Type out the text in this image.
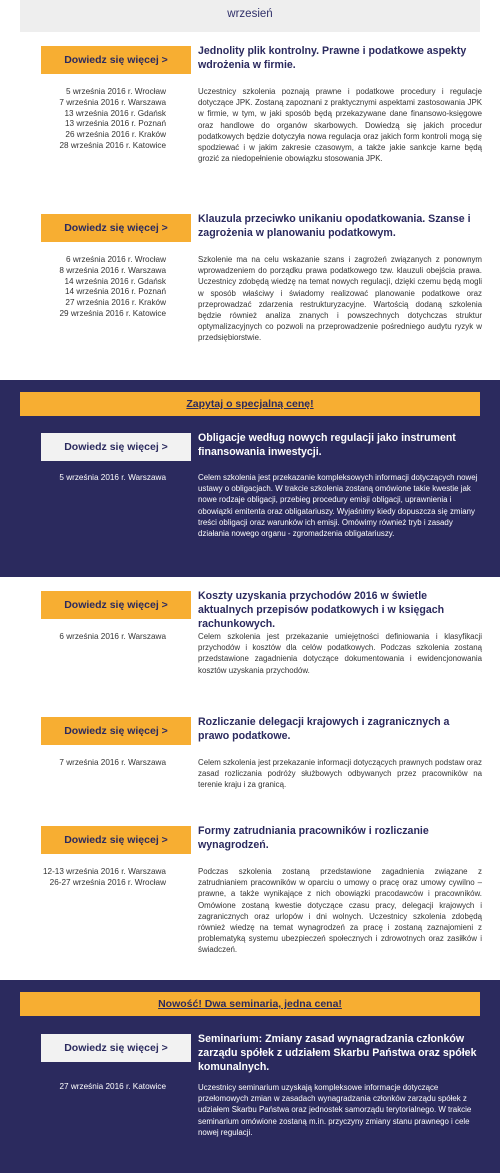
wrzesień
Dowiedz się więcej >
Jednolity plik kontrolny. Prawne i podatkowe aspekty wdrożenia w firmie.
5 września 2016 r. Wrocław
7 września 2016 r. Warszawa
13 września 2016 r. Gdańsk
13 września 2016 r. Poznań
26 września 2016 r. Kraków
28 września 2016 r. Katowice
Uczestnicy szkolenia poznają prawne i podatkowe procedury i regulacje dotyczące JPK. Zostaną zapoznani z praktycznymi aspektami zastosowania JPK w firmie, w tym, w jaki sposób będą przekazywane dane finansowo-księgowe oraz handlowe do organów skarbowych. Dowiedzą się jakich procedur podatkowych będzie dotyczyła nowa regulacja oraz jakich form kontroli mogą się spodziewać i w jakim zakresie czasowym, a także jakie sankcje karne będą grozić za niedopełnienie obowiązku stosowania JPK.
Dowiedz się więcej >
Klauzula przeciwko unikaniu opodatkowania. Szanse i zagrożenia w planowaniu podatkowym.
6 września 2016 r. Wrocław
8 września 2016 r. Warszawa
14 września 2016 r. Gdańsk
14 września 2016 r. Poznań
27 września 2016 r. Kraków
29 września 2016 r. Katowice
Szkolenie ma na celu wskazanie szans i zagrożeń związanych z ponownym wprowadzeniem do porządku prawa podatkowego tzw. klauzuli obejścia prawa. Uczestnicy zdobędą wiedzę na temat nowych regulacji, dzięki czemu będą mogli w sposób właściwy i świadomy realizować planowanie podatkowe oraz przeprowadzać zdarzenia restrukturyzacyjne. Wartością dodaną szkolenia będzie również analiza znanych i powszechnych dotychczas struktur optymalizacyjnych co pozwoli na przeprowadzenie pośredniego audytu ryzyk w przedsiębiorstwie.
Zapytaj o specjalną cenę!
Dowiedz się więcej >
Obligacje według nowych regulacji jako instrument finansowania inwestycji.
5 września 2016 r. Warszawa	Celem szkolenia jest przekazanie kompleksowych informacji dotyczących nowej ustawy o obligacjach. W trakcie szkolenia zostaną omówione takie kwestie jak nowe rodzaje obligacji, przebieg procedury emisji obligacji, uprawnienia i obowiązki emitenta oraz obligatariuszy. Wyjaśnimy kiedy dopuszcza się zmiany treści obligacji oraz warunków ich emisji. Omówimy również tryb i zasady działania nowego organu - zgromadzenia obligatariuszy.
Dowiedz się więcej >
Koszty uzyskania przychodów 2016 w świetle aktualnych przepisów podatkowych i w księgach rachunkowych.
6 września 2016 r. Warszawa	Celem szkolenia jest przekazanie umiejętności definiowania i klasyfikacji przychodów i kosztów dla celów podatkowych. Podczas szkolenia zostaną przedstawione zagadnienia dotyczące dokumentowania i ewidencjonowania kosztów uzyskania przychodów.
Dowiedz się więcej >
Rozliczanie delegacji krajowych i zagranicznych a prawo podatkowe.
7 września 2016 r. Warszawa	Celem szkolenia jest przekazanie informacji dotyczących prawnych podstaw oraz zasad rozliczania podróży służbowych odbywanych przez pracowników na terenie kraju i za granicą.
Dowiedz się więcej >
Formy zatrudniania pracowników i rozliczanie wynagrodzeń.
12-13 września 2016 r. Warszawa
26-27 września 2016 r. Wrocław
Podczas szkolenia zostaną przedstawione zagadnienia związane z zatrudnianiem pracowników w oparciu o umowy o pracę oraz umowy cywilno – prawne, a także wynikające z nich obowiązki pracodawców i pracowników. Omówione zostaną kwestie dotyczące czasu pracy, delegacji krajowych i zagranicznych oraz urlopów i dni wolnych. Uczestnicy szkolenia zdobędą również wiedzę na temat wynagrodzeń za pracę i zostaną zaznajomieni z problematyką systemu ubezpieczeń społecznych i zdrowotnych oraz zasiłków i świadczeń.
Nowość! Dwa seminaria, jedna cena!
Dowiedz się więcej >
Seminarium: Zmiany zasad wynagradzania członków zarządu spółek z udziałem Skarbu Państwa oraz spółek komunalnych.
27 września 2016 r. Katowice	Uczestnicy seminarium uzyskają kompleksowe informacje dotyczące przełomowych zmian w zasadach wynagradzania członków zarządu spółek z udziałem Skarbu Państwa oraz jednostek samorządu terytorialnego. W trakcie seminarium omówione zostaną m.in. przyczyny zmiany stanu prawnego i cele nowej regulacji.
